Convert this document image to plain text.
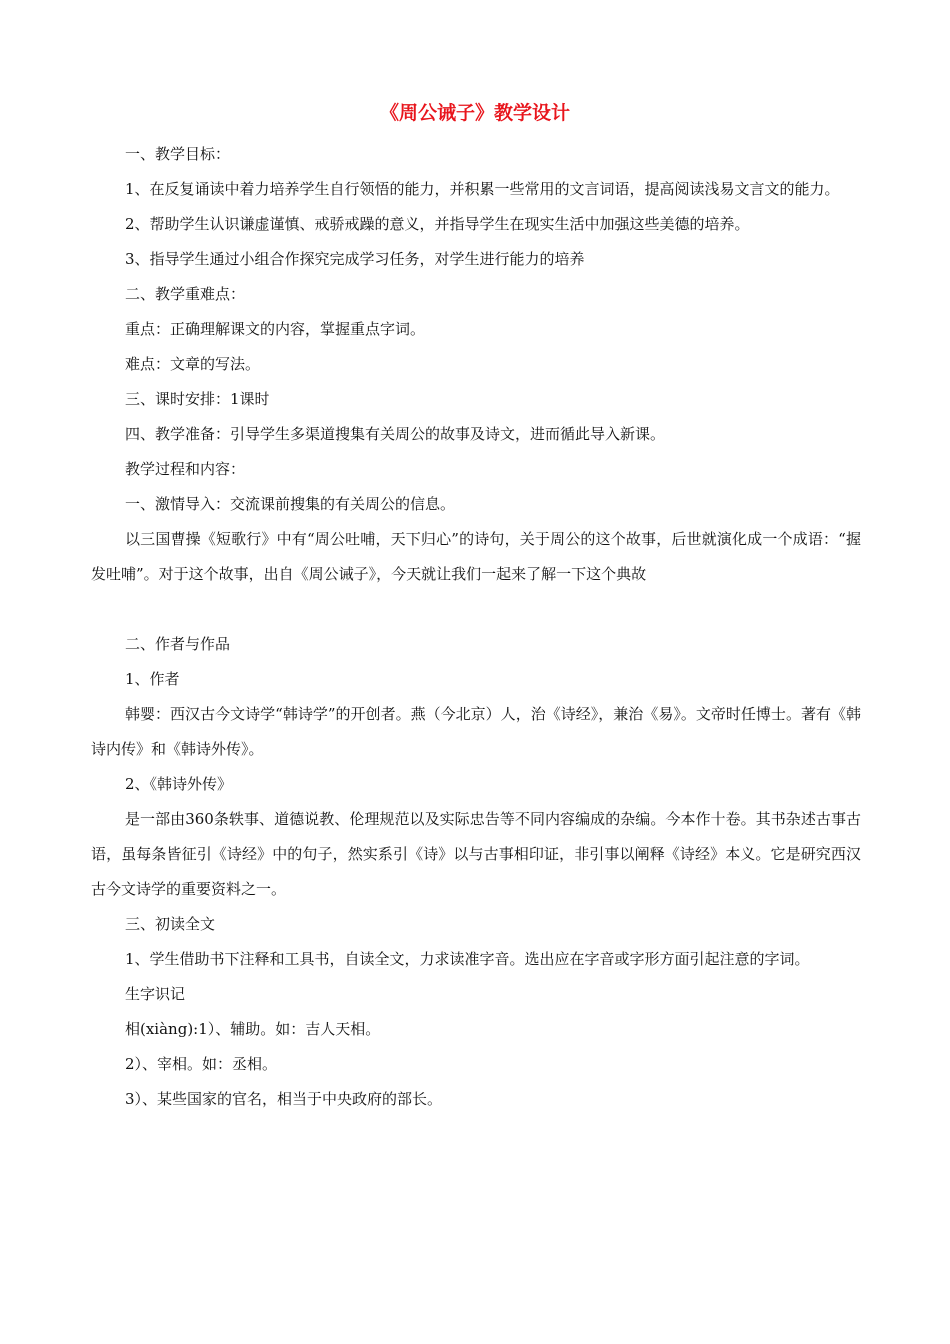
《周公诫子》教学设计

一、教学目标：

1、在反复诵读中着力培养学生自行领悟的能力，并积累一些常用的文言词语，提高阅读浅易文言文的能力。

2、帮助学生认识谦虚谨慎、戒骄戒躁的意义，并指导学生在现实生活中加强这些美德的培养。

3、指导学生通过小组合作探究完成学习任务，对学生进行能力的培养

二、教学重难点：

重点：正确理解课文的内容，掌握重点字词。

难点：文章的写法。

三、课时安排：1课时

四、教学准备：引导学生多渠道搜集有关周公的故事及诗文，进而循此导入新课。

教学过程和内容：

一、激情导入：交流课前搜集的有关周公的信息。

以三国曹操《短歌行》中有“周公吐哺，天下归心”的诗句，关于周公的这个故事，后世就演化成一个成语：“握发吐哺”。对于这个故事，出自《周公诫子》，今天就让我们一起来了解一下这个典故

二、作者与作品

1、作者

韩婴：西汉古今文诗学“韩诗学”的开创者。燕（今北京）人，治《诗经》，兼治《易》。文帝时任博士。著有《韩诗内传》和《韩诗外传》。

2、《韩诗外传》

是一部由360条轶事、道德说教、伦理规范以及实际忠告等不同内容编成的杂编。今本作十卷。其书杂述古事古语，虽每条皆征引《诗经》中的句子，然实系引《诗》以与古事相印证，非引事以阐释《诗经》本义。它是研究西汉古今文诗学的重要资料之一。

三、初读全文

1、学生借助书下注释和工具书，自读全文，力求读准字音。选出应在字音或字形方面引起注意的字词。

生字识记

相(xiàng):1）、辅助。如：吉人天相。

2）、宰相。如：丞相。

3）、某些国家的官名，相当于中央政府的部长。
